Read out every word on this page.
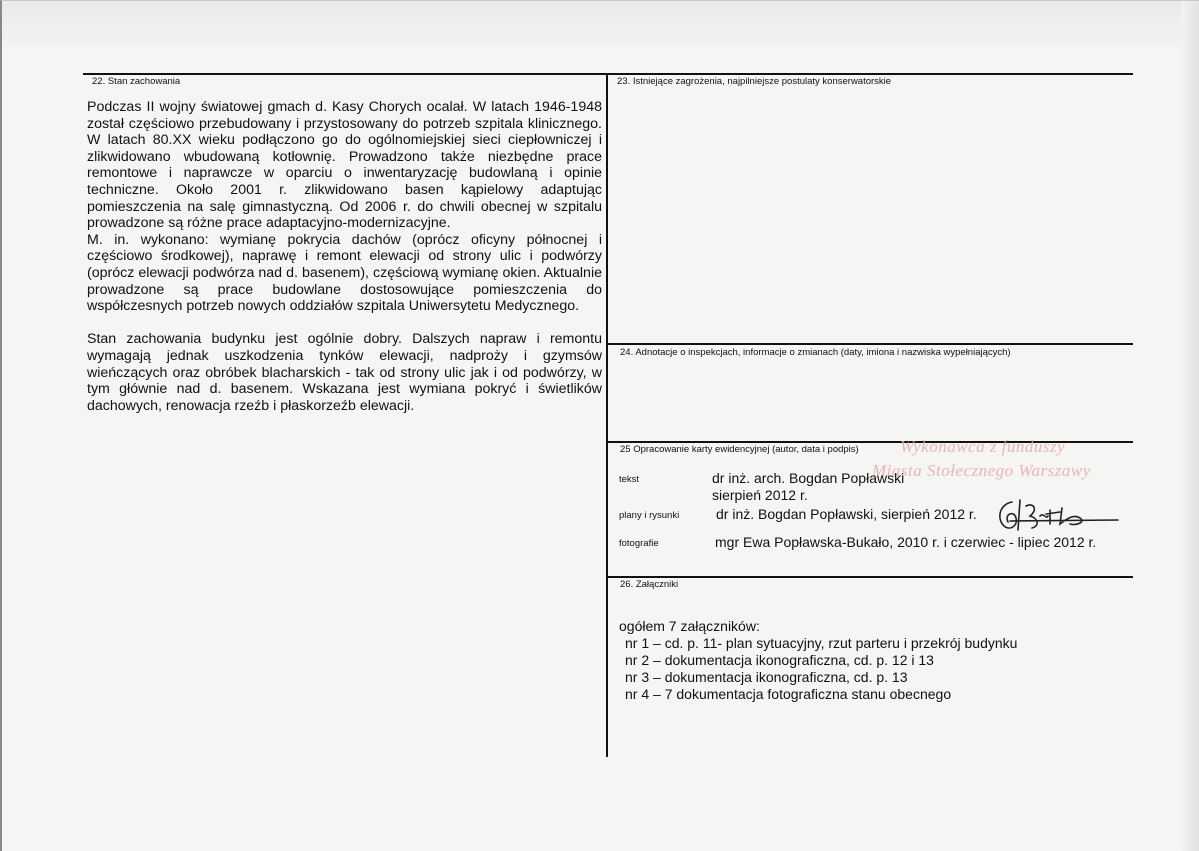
22. Stan zachowania

Podczas II wojny światowej gmach d. Kasy Chorych ocalał. W latach 1946-1948 został częściowo przebudowany i przystosowany do potrzeb szpitala klinicznego. W latach 80.XX wieku podłączono go do ogólnomiejskiej sieci ciepłowniczej i zlikwidowano wbudowaną kotłownię. Prowadzono także niezbędne prace remontowe i naprawcze w oparciu o inwentaryzację budowlaną i opinie techniczne. Około 2001 r. zlikwidowano basen kąpielowy adaptując pomieszczenia na salę gimnastyczną. Od 2006 r. do chwili obecnej w szpitalu prowadzone są różne prace adaptacyjno-modernizacyjne.

M. in. wykonano: wymianę pokrycia dachów (oprócz oficyny północnej i częściowo środkowej), naprawę i remont elewacji od strony ulic i podwórzy (oprócz elewacji podwórza nad d. basenem), częściową wymianę okien. Aktualnie prowadzone są prace budowlane dostosowujące pomieszczenia do współczesnych potrzeb nowych oddziałów szpitala Uniwersytetu Medycznego.

Stan zachowania budynku jest ogólnie dobry. Dalszych napraw i remontu wymagają jednak uszkodzenia tynków elewacji, nadproży i gzymsów wieńczących oraz obróbek blacharskich - tak od strony ulic jak i od podwórzy, w tym głównie nad d. basenem. Wskazana jest wymiana pokryć i świetlików dachowych, renowacja rzeźb i płaskorzeźb elewacji.

23. Istniejące zagrożenia, najpilniejsze postulaty konserwatorskie
24. Adnotacje o inspekcjach, informacje o zmianach (daty, imiona i nazwiska wypełniających)
25 Opracowanie karty ewidencyjnej (autor, data i podpis) Wykonawca z funduszy
Miasta Stołecznego Warszawy
tekst	dr inż. arch. Bogdan Popławski
sierpień 2012 r.
plany i rysunki	dr inż. Bogdan Popławski, sierpień 2012 r.
fotografie	mgr Ewa Popławska-Bukało, 2010 r. i czerwiec - lipiec 2012 r.
26. Załączniki
ogółem 7 załączników:
nr 1 – cd. p. 11- plan sytuacyjny, rzut parteru i przekrój budynku
nr 2 – dokumentacja ikonograficzna, cd. p. 12 i 13
nr 3 – dokumentacja ikonograficzna, cd. p. 13
nr 4 – 7 dokumentacja fotograficzna stanu obecnego
